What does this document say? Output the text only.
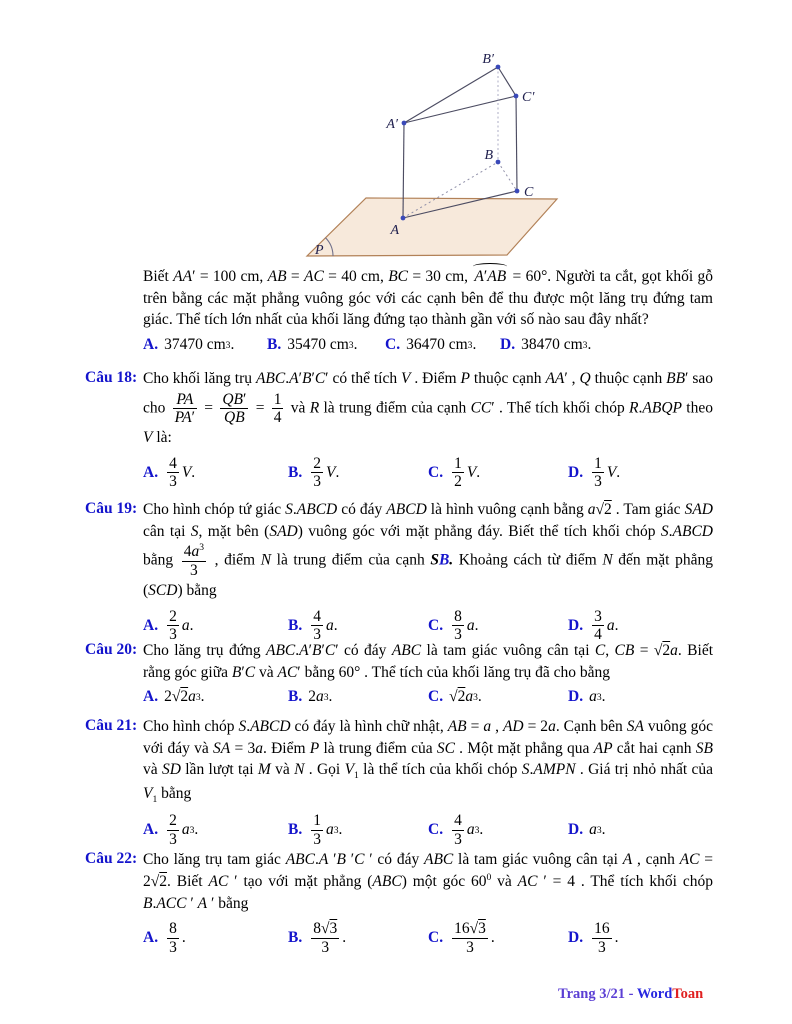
A′
B′
C′
A
B
C
P
Biết AA′ = 100 cm, AB = AC = 40 cm, BC = 30 cm, A′AB = 60°. Người ta cắt, gọt khối gỗ trên bằng các mặt phẳng vuông góc với các cạnh bên để thu được một lăng trụ đứng tam giác. Thể tích lớn nhất của khối lăng đứng tạo thành gần với số nào sau đây nhất?
A. 37470 cm 3 . B. 35470 cm 3 . C. 36470 cm 3 . D. 38470 cm 3 .
Câu 18: Cho khối lăng trụ ABC.A′B′C′ có thể tích V . Điểm P thuộc cạnh AA′ , Q thuộc cạnh BB′ sao cho $\frac{PA}{PA'} = \frac{QB'}{QB} = \frac{1}{4}$ và R là trung điểm của cạnh CC′ . Thể tích khối chóp R.ABQP theo V là:
A.
4
3
V .	B.
2
3
V .	C.
1
2
V .	D.
1
3
V .
Câu 19: Cho hình chóp tứ giác S.ABCD có đáy ABCD là hình vuông cạnh bằng a√2 . Tam giác SAD cân tại S, mặt bên (SAD) vuông góc với mặt phẳng đáy. Biết thể tích khối chóp S.ABCD bằng $\frac{4a^3}{3}$ , điểm N là trung điểm của cạnh SB. Khoảng cách từ điểm N đến mặt phẳng (SCD) bằng
A.
2
3
a .	B.
4
3
a .	C.
8
3
a .	D.
3
4
a .
Câu 20: Cho lăng trụ đứng ABC.A′B′C′ có đáy ABC là tam giác vuông cân tại C, CB = √2a. Biết rằng góc giữa B′C và AC′ bằng 60° . Thể tích của khối lăng trụ đã cho bằng
A. 2 √2 a 3 .	B. 2 a 3 .	C. √2 a 3 .	D. a 3 .
Câu 21: Cho hình chóp S.ABCD có đáy là hình chữ nhật, AB = a , AD = 2a. Cạnh bên SA vuông góc với đáy và SA = 3a. Điểm P là trung điểm của SC . Một mặt phẳng qua AP cắt hai cạnh SB và SD lần lượt tại M và N . Gọi $V_1$ là thể tích của khối chóp S.AMPN . Giá trị nhỏ nhất của $V_1$ bằng
A.
2
3
a 3 .	B.
1
3
a 3 .	C.
4
3
a 3 .	D. a 3 .
Câu 22: Cho lăng trụ tam giác ABC.A ′B ′C ′ có đáy ABC là tam giác vuông cân tại A , cạnh AC = 2√2. Biết AC ′ tạo với mặt phẳng (ABC) một góc $60^0$ và AC ′ = 4 . Thể tích khối chóp B.ACC ′ A ′ bằng
A.
8
3
.	B.
8√3
3
.	C.
16√3
3
.	D.
16
3
.
Trang 3/21 - WordToan
